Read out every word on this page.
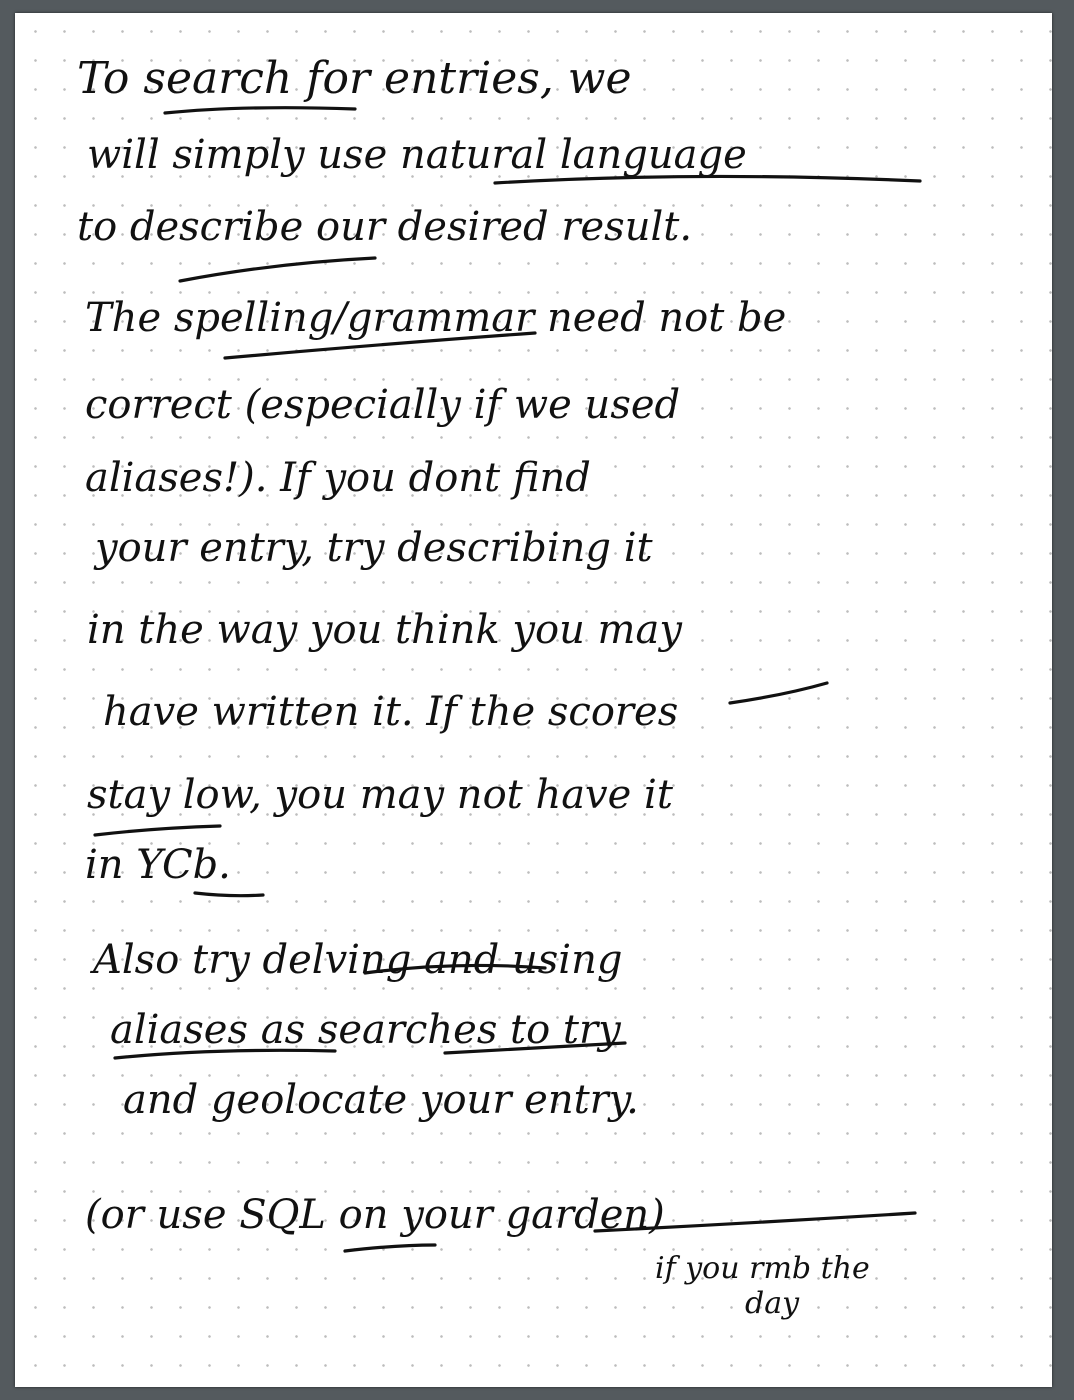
To search for entries, we
will simply use natural language
to describe our desired result.
The spelling/grammar need not be
correct (especially if we used
aliases!). If you dont find
your entry, try describing it
in the way you think you may
have written it. If the scores
stay low, you may not have it
in YCb.
Also try delving and using
aliases as searches to try
and geolocate your entry.
(or use SQL on your garden)
if you rmb the
day
